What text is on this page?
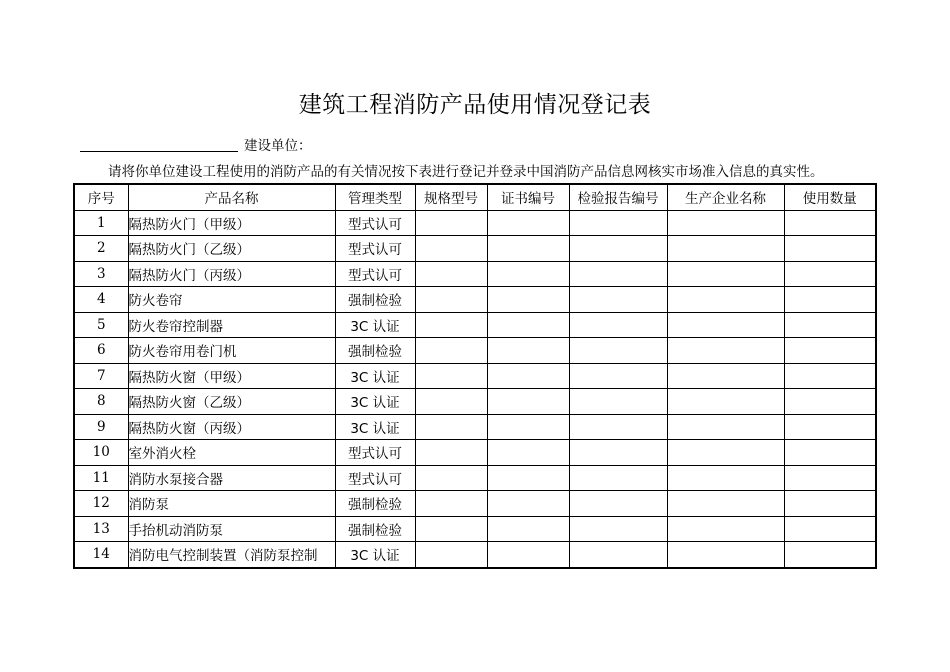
建筑工程消防产品使用情况登记表
建设单位：
请将你单位建设工程使用的消防产品的有关情况按下表进行登记并登录中国消防产品信息网核实市场准入信息的真实性。
序号	产品名称	管理类型	规格型号	证书编号	检验报告编号	生产企业名称	使用数量
1	隔热防火门（甲级）	型式认可					
2	隔热防火门（乙级）	型式认可					
3	隔热防火门（丙级）	型式认可					
4	防火卷帘	强制检验					
5	防火卷帘控制器	3C 认证					
6	防火卷帘用卷门机	强制检验					
7	隔热防火窗（甲级）	3C 认证					
8	隔热防火窗（乙级）	3C 认证					
9	隔热防火窗（丙级）	3C 认证					
10	室外消火栓	型式认可					
11	消防水泵接合器	型式认可					
12	消防泵	强制检验					
13	手抬机动消防泵	强制检验					
14	消防电气控制装置（消防泵控制	3C 认证					
